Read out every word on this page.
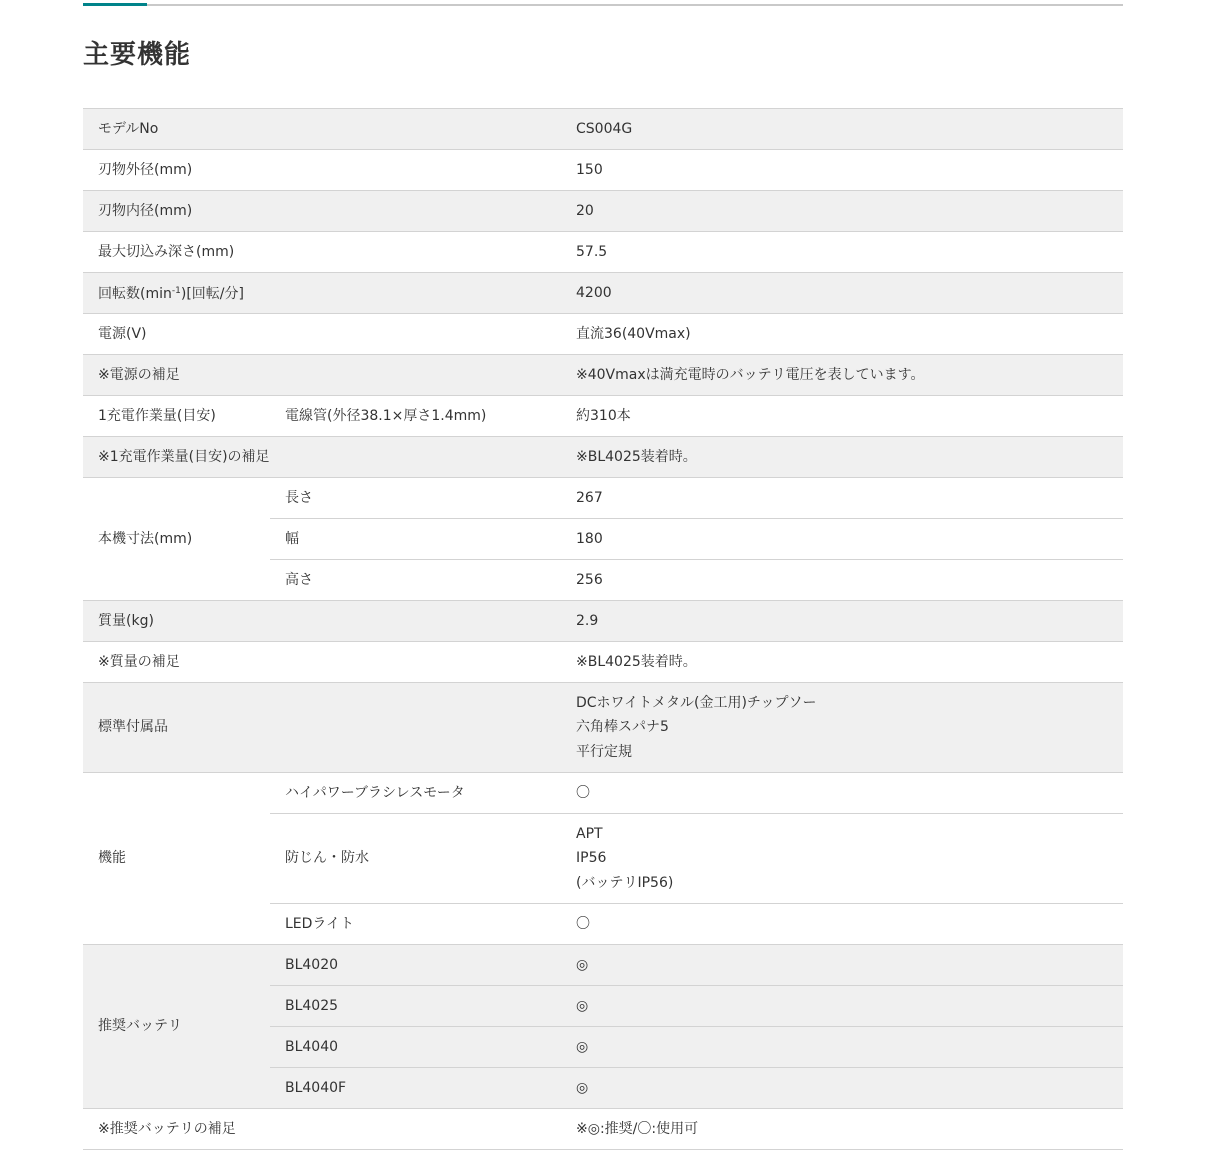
主要機能
モデルNo		CS004G
刃物外径(mm)		150
刃物内径(mm)		20
最大切込み深さ(mm)		57.5
回転数$(\min^{-1})$[回転/分]		4200
電源(V)		直流36(40Vmax)
※電源の補足		※40Vmaxは満充電時のバッテリ電圧を表しています。
1充電作業量(目安)	電線管(外径38.1×厚さ1.4mm)	約310本
※1充電作業量(目安)の補足		※BL4025装着時。
本機寸法(mm)	長さ	267
	幅	180
	高さ	256
質量(kg)		2.9
※質量の補足		※BL4025装着時。
標準付属品		DCホワイトメタル(金工用)チップソー
六角棒スパナ5
平行定規

機能	ハイパワーブラシレスモータ	〇
	防じん・防水	APT
IP56
(バッテリIP56)

	LEDライト	〇
推奨バッテリ	BL4020	◎
	BL4025	◎
	BL4040	◎
	BL4040F	◎
※推奨バッテリの補足		※◎:推奨/〇:使用可
